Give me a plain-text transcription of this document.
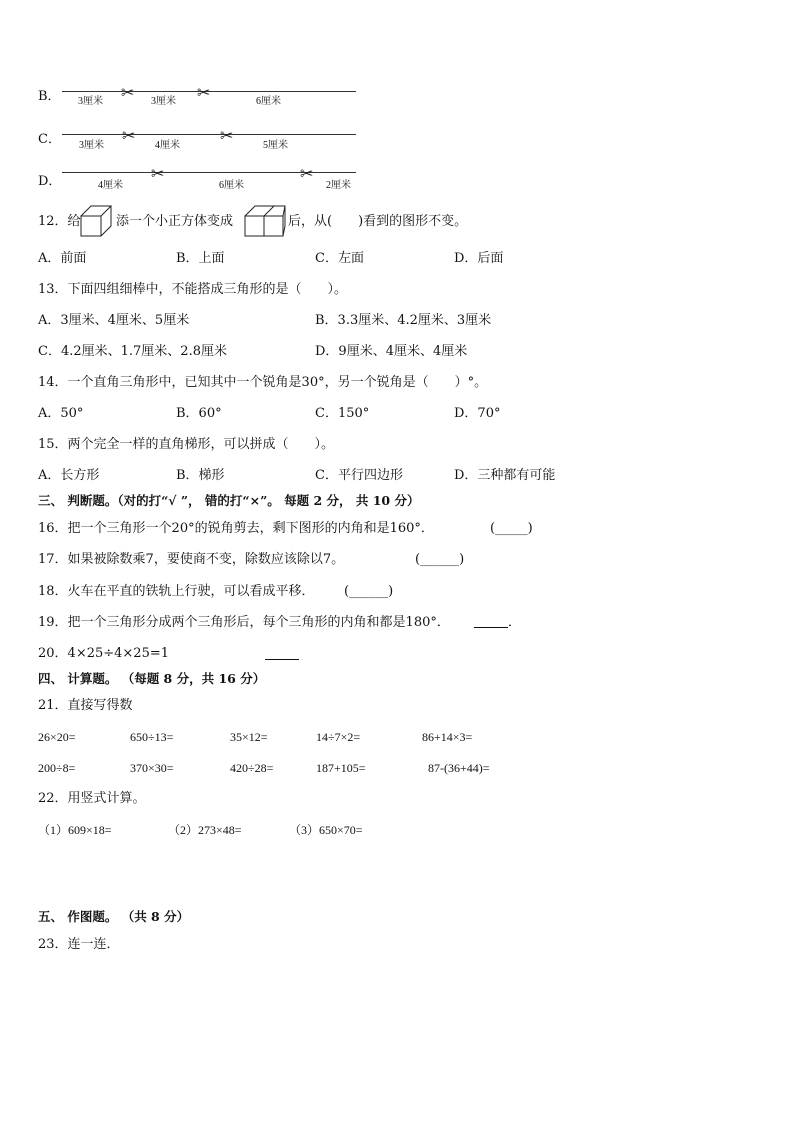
B．	✂	✂
3厘米	3厘米	6厘米
C．	✂	✂
3厘米	4厘米	5厘米
D．	✂	✂
4厘米	6厘米	2厘米
12．给	添一个小正方体变成	后，从(　　)看到的图形不变。
A．前面	B．上面	C．左面	D．后面
13．下面四组细棒中，不能搭成三角形的是（　　）。
A．3厘米、4厘米、5厘米	B．3.3厘米、4.2厘米、3厘米
C．4.2厘米、1.7厘米、2.8厘米	D．9厘米、4厘米、4厘米
14．一个直角三角形中，已知其中一个锐角是30°，另一个锐角是（　　）°。
A．50°	B．60°	C．150°	D．70°
15．两个完全一样的直角梯形，可以拼成（　　）。
A．长方形	B．梯形	C．平行四边形	D．三种都有可能
三、 判断题。（对的打“√ ”， 错的打“×”。 每题 2 分， 共 10 分）
16．把一个三角形一个20°的锐角剪去，剩下图形的内角和是160°．	(_____)
17．如果被除数乘7，要使商不变，除数应该除以7。	(______)
18．火车在平直的铁轨上行驶，可以看成平移． (______)
19．把一个三角形分成两个三角形后，每个三角形的内角和都是180°．	．
20．4×25÷4×25=1
四、 计算题。 （每题 8 分，共 16 分）
21．直接写得数
26×20=	650÷13=	35×12=	14÷7×2=	86+14×3=
200÷8=	370×30=	420÷28=	187+105=	87-(36+44)=
22．用竖式计算。
（1）609×18=	（2）273×48=	（3）650×70=
五、 作图题。 （共 8 分）
23．连一连．
